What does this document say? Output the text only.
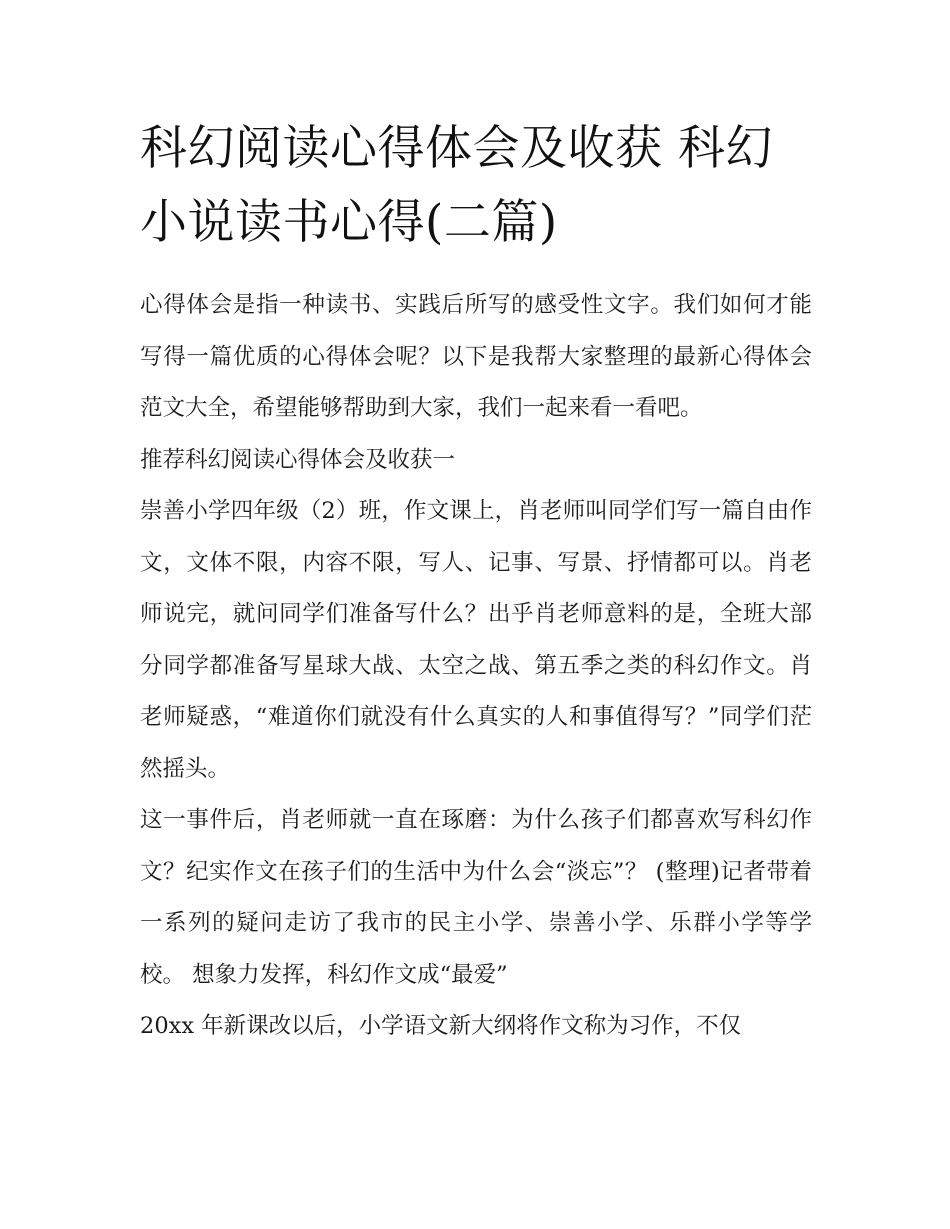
科幻阅读心得体会及收获 科幻小说读书心得(二篇)

心得体会是指一种读书、实践后所写的感受性文字。我们如何才能写得一篇优质的心得体会呢？以下是我帮大家整理的最新心得体会范文大全，希望能够帮助到大家，我们一起来看一看吧。

推荐科幻阅读心得体会及收获一

崇善小学四年级（2）班，作文课上，肖老师叫同学们写一篇自由作文，文体不限，内容不限，写人、记事、写景、抒情都可以。肖老师说完，就问同学们准备写什么？出乎肖老师意料的是，全班大部分同学都准备写星球大战、太空之战、第五季之类的科幻作文。肖老师疑惑，“难道你们就没有什么真实的人和事值得写？”同学们茫然摇头。

这一事件后，肖老师就一直在琢磨：为什么孩子们都喜欢写科幻作文？纪实作文在孩子们的生活中为什么会“淡忘”？ (整理)记者带着一系列的疑问走访了我市的民主小学、崇善小学、乐群小学等学校。 想象力发挥，科幻作文成“最爱”

20xx 年新课改以后，小学语文新大纲将作文称为习作，不仅
